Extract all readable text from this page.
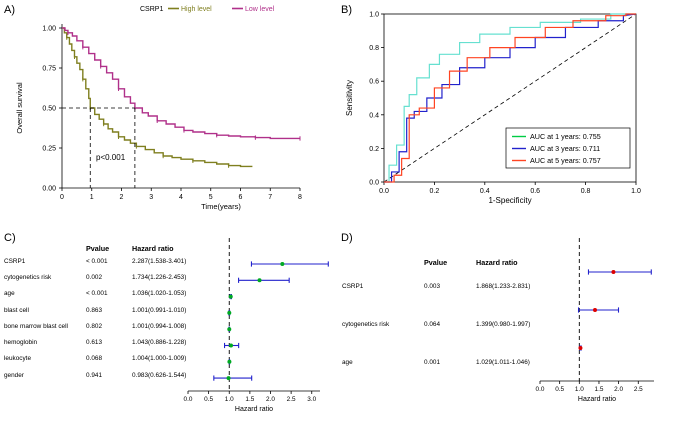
A)	B)
C)	D)
CSRP1	High level	Low level
0	1	2	3	4	5	6	7	8
0.00
0.25
0.50
0.75
1.00
Time(years)
Overall survival
p<0.001
0.0	0.2	0.4	0.6	0.8	1.0
0.0
0.2
0.4
0.6
0.8
1.0
1-Specificity
Sensitivity
AUC at 1 years: 0.755
AUC at 3 years: 0.711
AUC at 5 years: 0.757
	Pvalue	Hazard ratio
CSRP1	< 0.001	2.287(1.538-3.401)
cytogenetics risk	0.002	1.734(1.226-2.453)
age	< 0.001	1.036(1.020-1.053)
blast cell	0.863	1.001(0.991-1.010)
bone marrow blast cell	0.802	1.001(0.994-1.008)
hemoglobin	0.613	1.043(0.886-1.228)
leukocyte	0.068	1.004(1.000-1.009)
gender	0.941	0.983(0.626-1.544)
0.0 0.5 1.0 1.5 2.0 2.5 3.0
Hazard ratio
	Pvalue	Hazard ratio
CSRP1	0.003	1.868(1.233-2.831)
cytogenetics risk	0.064	1.399(0.980-1.997)
age	0.001	1.029(1.011-1.046)
0.0 0.5 1.0 1.5 2.0 2.5
Hazard ratio
